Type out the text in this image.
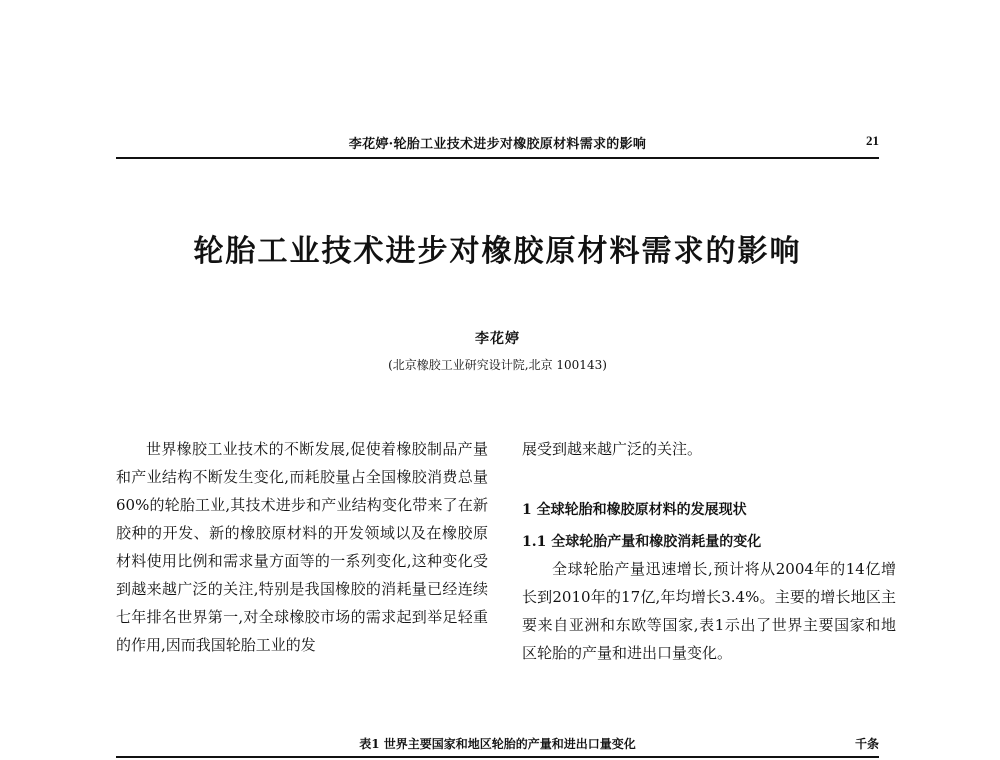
李花婷·轮胎工业技术进步对橡胶原材料需求的影响	21
轮胎工业技术进步对橡胶原材料需求的影响
李花婷
(北京橡胶工业研究设计院,北京 100143)

世界橡胶工业技术的不断发展,促使着橡胶制品产量和产业结构不断发生变化,而耗胶量占全国橡胶消费总量60%的轮胎工业,其技术进步和产业结构变化带来了在新胶种的开发、新的橡胶原材料的开发领域以及在橡胶原材料使用比例和需求量方面等的一系列变化,这种变化受到越来越广泛的关注,特别是我国橡胶的消耗量已经连续七年排名世界第一,对全球橡胶市场的需求起到举足轻重的作用,因而我国轮胎工业的发

展受到越来越广泛的关注。

1 全球轮胎和橡胶原材料的发展现状
1.1 全球轮胎产量和橡胶消耗量的变化

全球轮胎产量迅速增长,预计将从2004年的14亿增长到2010年的17亿,年均增长3.4%。主要的增长地区主要来自亚洲和东欧等国家,表1示出了世界主要国家和地区轮胎的产量和进出口量变化。

表1 世界主要国家和地区轮胎的产量和进出口量变化	千条
